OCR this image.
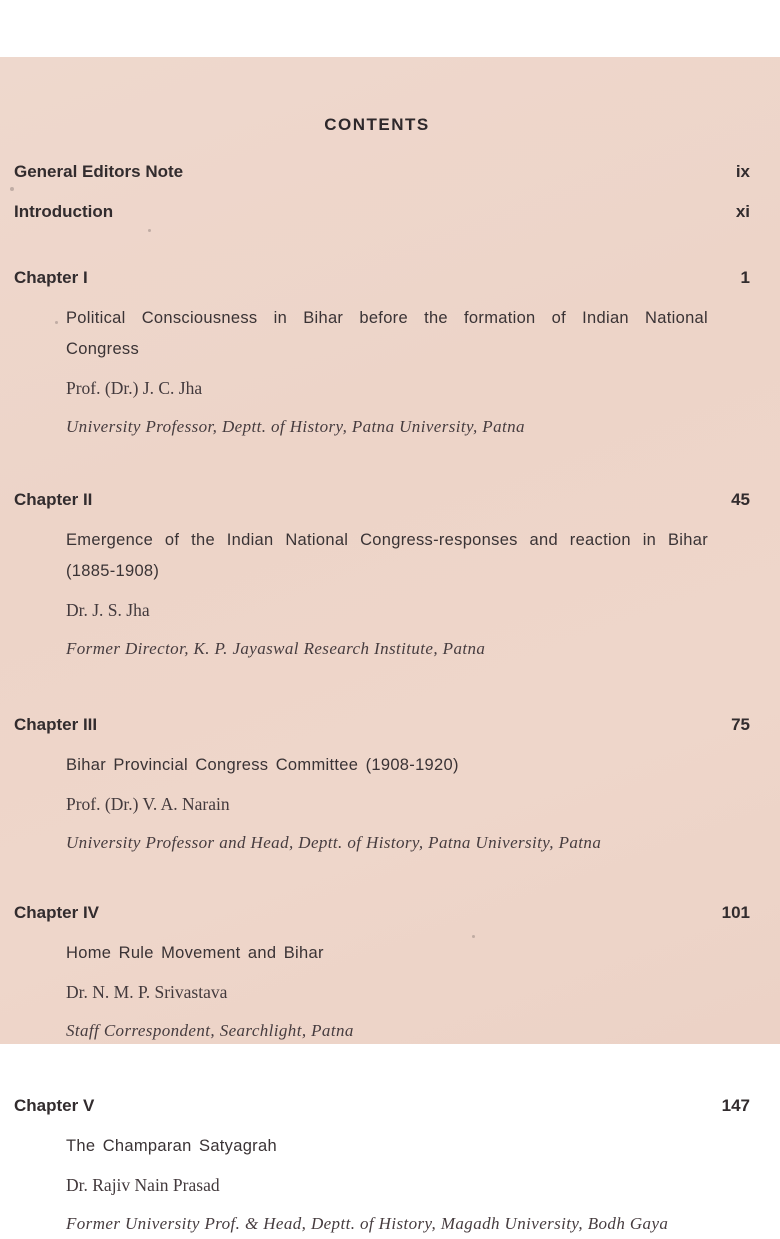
CONTENTS
General Editors Note	ix
Introduction	xi
Chapter I	1

Political Consciousness in Bihar before the formation of Indian National Congress

Prof. (Dr.) J. C. Jha

University Professor, Deptt. of History, Patna University, Patna

Chapter II	45

Emergence of the Indian National Congress-responses and reaction in Bihar (1885-1908)

Dr. J. S. Jha

Former Director, K. P. Jayaswal Research Institute, Patna

Chapter III	75

Bihar Provincial Congress Committee (1908-1920)

Prof. (Dr.) V. A. Narain

University Professor and Head, Deptt. of History, Patna University, Patna

Chapter IV	101

Home Rule Movement and Bihar

Dr. N. M. P. Srivastava

Staff Correspondent, Searchlight, Patna

Chapter V	147

The Champaran Satyagrah

Dr. Rajiv Nain Prasad

Former University Prof. & Head, Deptt. of History, Magadh University, Bodh Gaya
